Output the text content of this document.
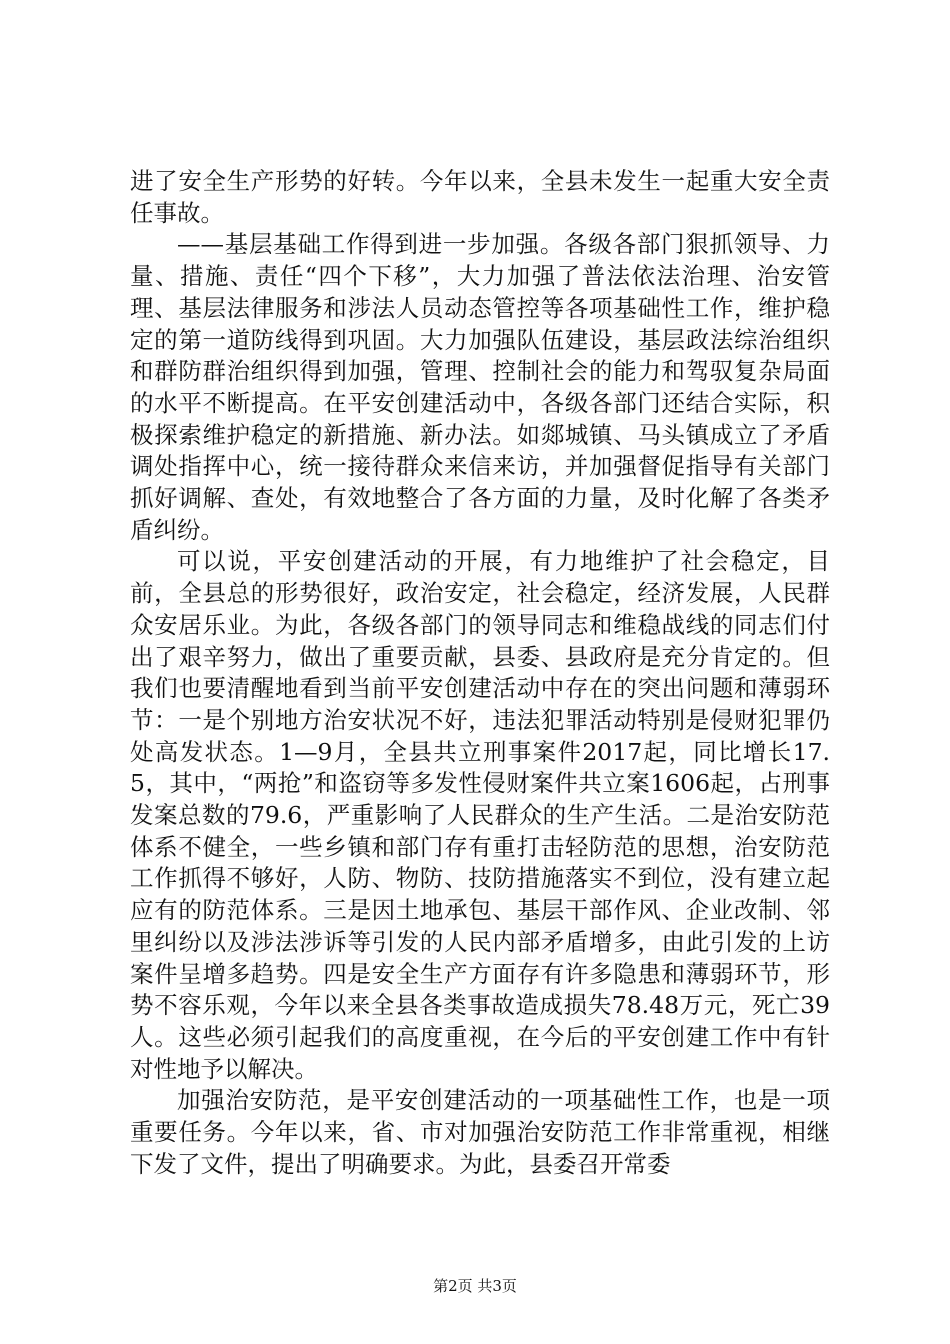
进了安全生产形势的好转。今年以来，全县未发生一起重大安全责任事故。

——基层基础工作得到进一步加强。各级各部门狠抓领导、力量、措施、责任“四个下移”，大力加强了普法依法治理、治安管理、基层法律服务和涉法人员动态管控等各项基础性工作，维护稳定的第一道防线得到巩固。大力加强队伍建设，基层政法综治组织和群防群治组织得到加强，管理、控制社会的能力和驾驭复杂局面的水平不断提高。在平安创建活动中，各级各部门还结合实际，积极探索维护稳定的新措施、新办法。如郯城镇、马头镇成立了矛盾调处指挥中心，统一接待群众来信来访，并加强督促指导有关部门抓好调解、查处，有效地整合了各方面的力量，及时化解了各类矛盾纠纷。

可以说，平安创建活动的开展，有力地维护了社会稳定，目前，全县总的形势很好，政治安定，社会稳定，经济发展，人民群众安居乐业。为此，各级各部门的领导同志和维稳战线的同志们付出了艰辛努力，做出了重要贡献，县委、县政府是充分肯定的。但我们也要清醒地看到当前平安创建活动中存在的突出问题和薄弱环节：一是个别地方治安状况不好，违法犯罪活动特别是侵财犯罪仍处高发状态。1—9月，全县共立刑事案件2017起，同比增长17.5，其中，“两抢”和盗窃等多发性侵财案件共立案1606起，占刑事发案总数的79.6，严重影响了人民群众的生产生活。二是治安防范体系不健全，一些乡镇和部门存有重打击轻防范的思想，治安防范工作抓得不够好，人防、物防、技防措施落实不到位，没有建立起应有的防范体系。三是因土地承包、基层干部作风、企业改制、邻里纠纷以及涉法涉诉等引发的人民内部矛盾增多，由此引发的上访案件呈增多趋势。四是安全生产方面存有许多隐患和薄弱环节，形势不容乐观，今年以来全县各类事故造成损失78.48万元，死亡39人。这些必须引起我们的高度重视，在今后的平安创建工作中有针对性地予以解决。

加强治安防范，是平安创建活动的一项基础性工作，也是一项重要任务。今年以来，省、市对加强治安防范工作非常重视，相继下发了文件，提出了明确要求。为此，县委召开常委

第2页 共3页
